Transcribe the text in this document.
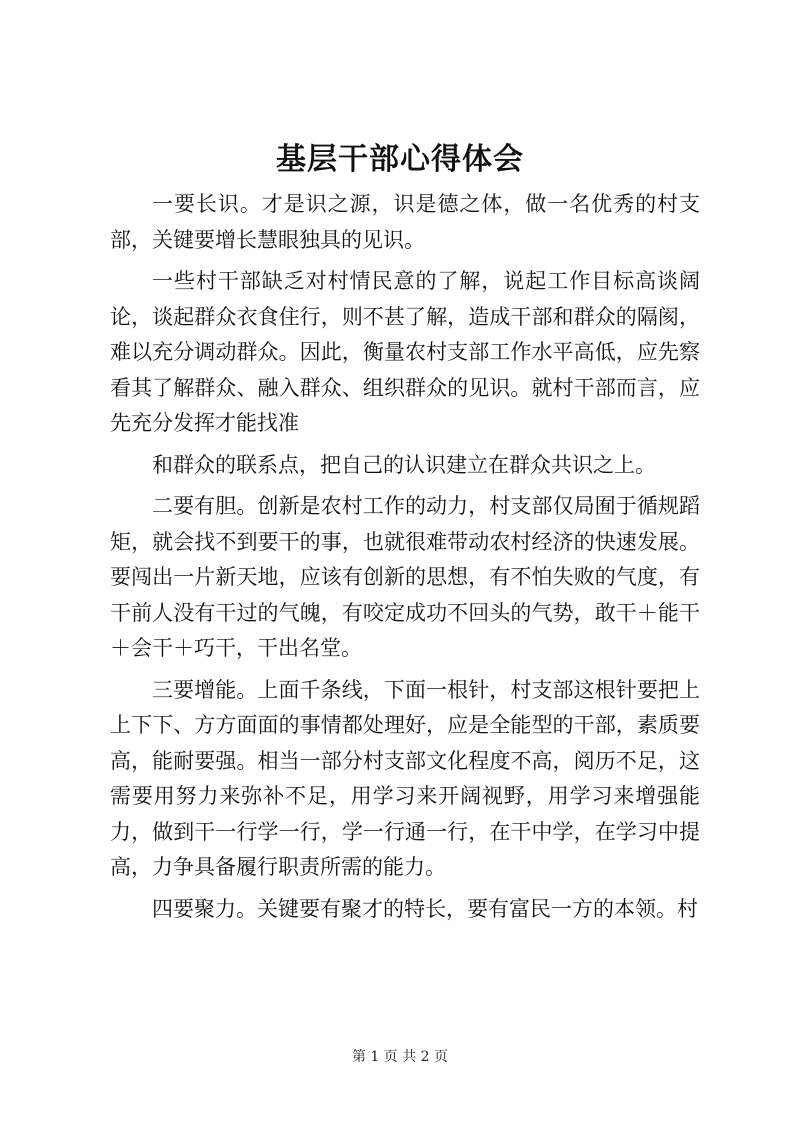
基层干部心得体会

一要长识。才是识之源，识是德之体，做一名优秀的村支部，关键要增长慧眼独具的见识。

一些村干部缺乏对村情民意的了解，说起工作目标高谈阔论，谈起群众衣食住行，则不甚了解，造成干部和群众的隔阂，难以充分调动群众。因此，衡量农村支部工作水平高低，应先察看其了解群众、融入群众、组织群众的见识。就村干部而言，应先充分发挥才能找准

和群众的联系点，把自己的认识建立在群众共识之上。

二要有胆。创新是农村工作的动力，村支部仅局囿于循规蹈矩，就会找不到要干的事，也就很难带动农村经济的快速发展。要闯出一片新天地，应该有创新的思想，有不怕失败的气度，有干前人没有干过的气魄，有咬定成功不回头的气势，敢干＋能干＋会干＋巧干，干出名堂。

三要增能。上面千条线，下面一根针，村支部这根针要把上上下下、方方面面的事情都处理好，应是全能型的干部，素质要高，能耐要强。相当一部分村支部文化程度不高，阅历不足，这需要用努力来弥补不足，用学习来开阔视野，用学习来增强能力，做到干一行学一行，学一行通一行，在干中学，在学习中提高，力争具备履行职责所需的能力。

四要聚力。关键要有聚才的特长，要有富民一方的本领。村

第 1 页 共 2 页
